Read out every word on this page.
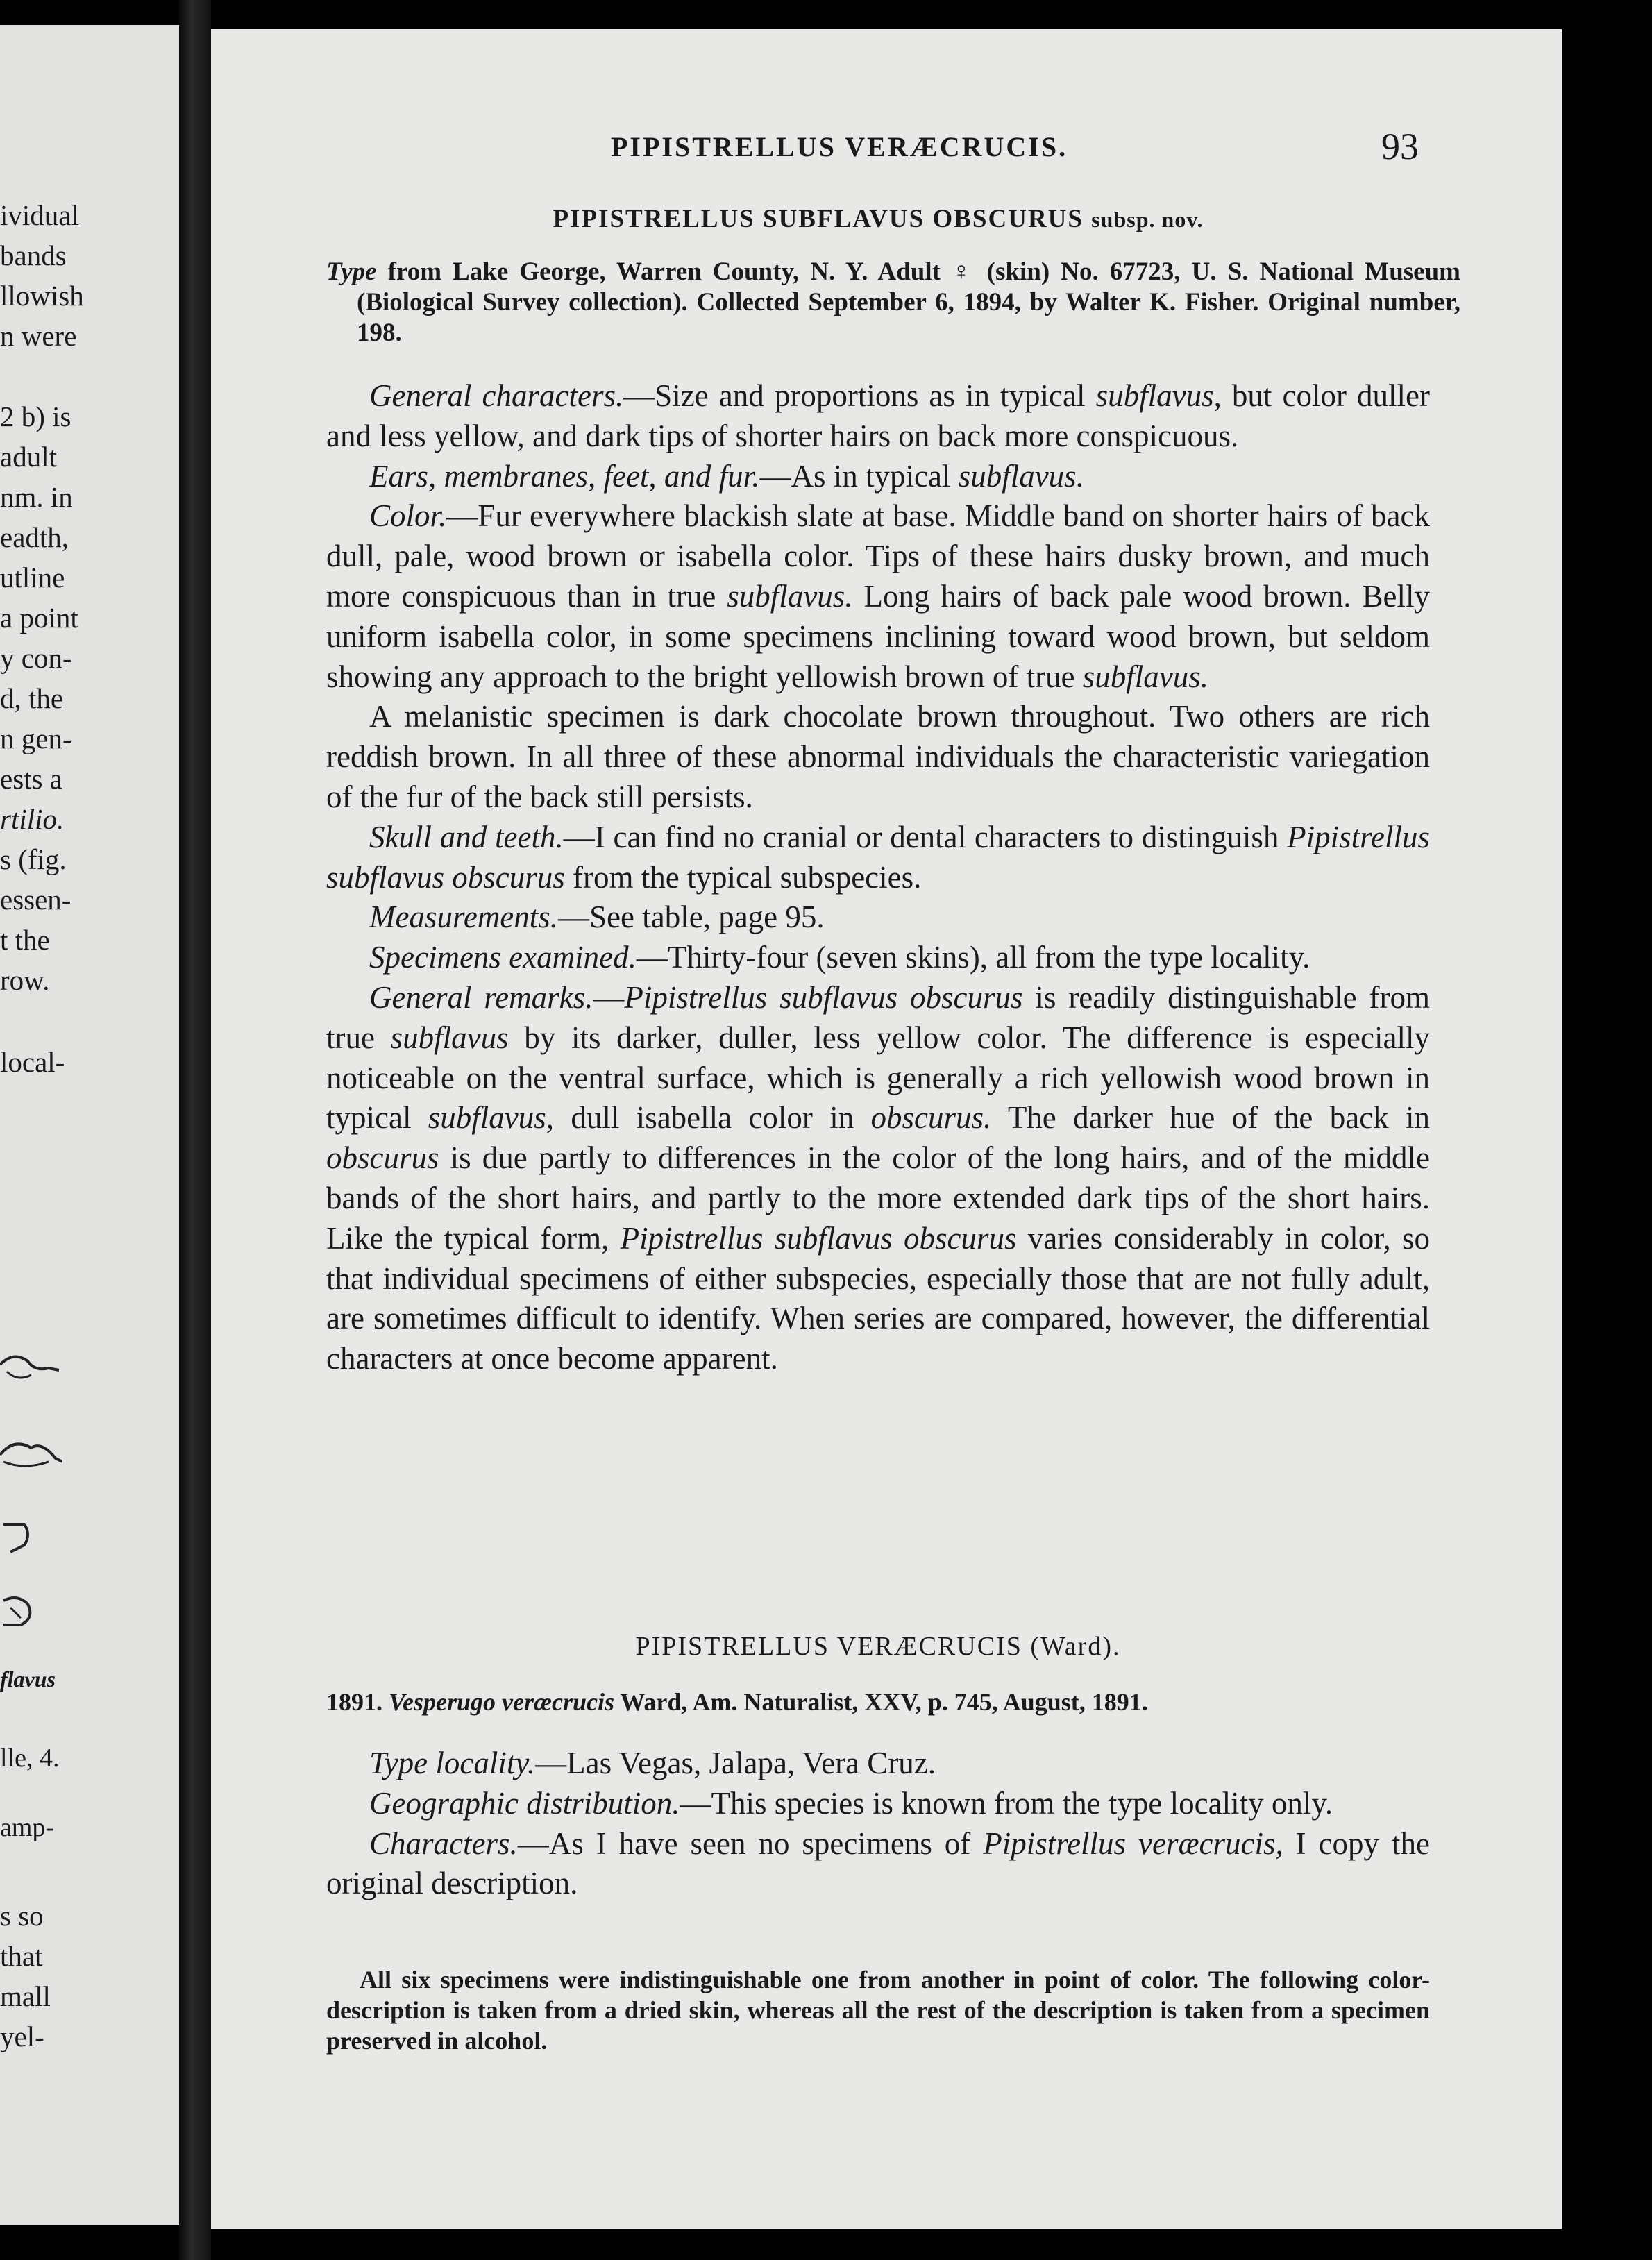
ividual
bands
llowish
n were
2 b) is
adult
nm. in
eadth,
utline
a point
y con-
d, the
n gen-
ests a
rtilio.
s (fig.
essen-
t the
row.
local-
flavus
lle, 4.
amp-
s so
that
mall
yel-
PIPISTRELLUS VERÆCRUCIS.	93
PIPISTRELLUS SUBFLAVUS OBSCURUS subsp. nov.
Type from Lake George, Warren County, N. Y. Adult ♀ (skin) No. 67723, U. S. National Museum (Biological Survey collection). Collected September 6, 1894, by Walter K. Fisher. Original number, 198.

General characters.—Size and proportions as in typical subflavus, but color duller and less yellow, and dark tips of shorter hairs on back more conspicuous.

Ears, membranes, feet, and fur.—As in typical subflavus.

Color.—Fur everywhere blackish slate at base. Middle band on shorter hairs of back dull, pale, wood brown or isabella color. Tips of these hairs dusky brown, and much more conspicuous than in true subflavus. Long hairs of back pale wood brown. Belly uniform isabella color, in some specimens inclining toward wood brown, but seldom showing any approach to the bright yellowish brown of true subflavus.

A melanistic specimen is dark chocolate brown throughout. Two others are rich reddish brown. In all three of these abnormal individuals the characteristic variegation of the fur of the back still persists.

Skull and teeth.—I can find no cranial or dental characters to distinguish Pipistrellus subflavus obscurus from the typical subspecies.

Measurements.—See table, page 95.

Specimens examined.—Thirty-four (seven skins), all from the type locality.

General remarks.—Pipistrellus subflavus obscurus is readily distinguishable from true subflavus by its darker, duller, less yellow color. The difference is especially noticeable on the ventral surface, which is generally a rich yellowish wood brown in typical subflavus, dull isabella color in obscurus. The darker hue of the back in obscurus is due partly to differences in the color of the long hairs, and of the middle bands of the short hairs, and partly to the more extended dark tips of the short hairs. Like the typical form, Pipistrellus subflavus obscurus varies considerably in color, so that individual specimens of either subspecies, especially those that are not fully adult, are sometimes difficult to identify. When series are compared, however, the differential characters at once become apparent.

PIPISTRELLUS VERÆCRUCIS (Ward).
1891. Vesperugo veræcrucis Ward, Am. Naturalist, XXV, p. 745, August, 1891.

Type locality.—Las Vegas, Jalapa, Vera Cruz.

Geographic distribution.—This species is known from the type locality only.

Characters.—As I have seen no specimens of Pipistrellus veræcrucis, I copy the original description.

All six specimens were indistinguishable one from another in point of color. The following color-description is taken from a dried skin, whereas all the rest of the description is taken from a specimen preserved in alcohol.
